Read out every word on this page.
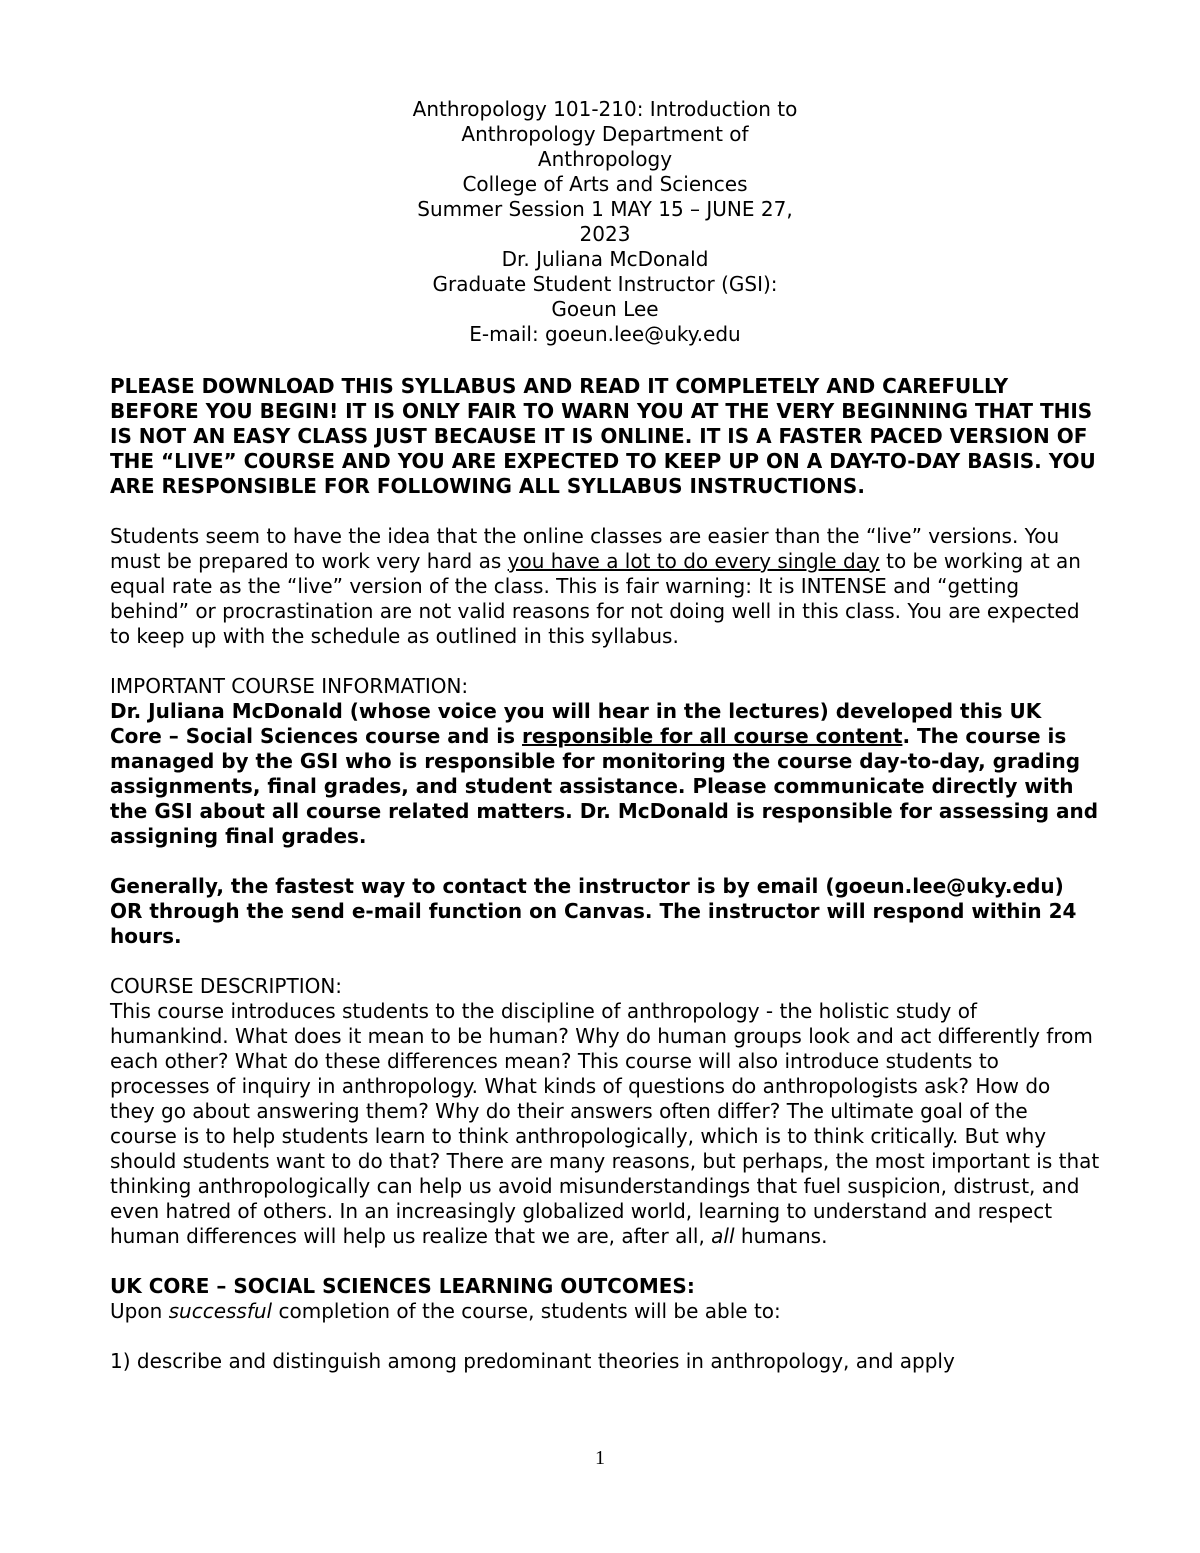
Anthropology 101-210: Introduction to
Anthropology Department of
Anthropology
College of Arts and Sciences
Summer Session 1 MAY 15 – JUNE 27,
2023
Dr. Juliana McDonald
Graduate Student Instructor (GSI):
Goeun Lee
E-mail: goeun.lee@uky.edu

PLEASE DOWNLOAD THIS SYLLABUS AND READ IT COMPLETELY AND CAREFULLY BEFORE YOU BEGIN! IT IS ONLY FAIR TO WARN YOU AT THE VERY BEGINNING THAT THIS IS NOT AN EASY CLASS JUST BECAUSE IT IS ONLINE. IT IS A FASTER PACED VERSION OF THE “LIVE” COURSE AND YOU ARE EXPECTED TO KEEP UP ON A DAY-TO-DAY BASIS. YOU ARE RESPONSIBLE FOR FOLLOWING ALL SYLLABUS INSTRUCTIONS.

Students seem to have the idea that the online classes are easier than the “live” versions. You must be prepared to work very hard as you have a lot to do every single day to be working at an equal rate as the “live” version of the class. This is fair warning: It is INTENSE and “getting behind” or procrastination are not valid reasons for not doing well in this class. You are expected to keep up with the schedule as outlined in this syllabus.

IMPORTANT COURSE INFORMATION:
Dr. Juliana McDonald (whose voice you will hear in the lectures) developed this UK Core – Social Sciences course and is responsible for all course content. The course is managed by the GSI who is responsible for monitoring the course day-to-day, grading assignments, final grades, and student assistance. Please communicate directly with the GSI about all course related matters. Dr. McDonald is responsible for assessing and assigning final grades.

Generally, the fastest way to contact the instructor is by email (goeun.lee@uky.edu) OR through the send e-mail function on Canvas. The instructor will respond within 24 hours.

COURSE DESCRIPTION:
This course introduces students to the discipline of anthropology - the holistic study of humankind. What does it mean to be human? Why do human groups look and act differently from each other? What do these differences mean? This course will also introduce students to processes of inquiry in anthropology. What kinds of questions do anthropologists ask? How do they go about answering them? Why do their answers often differ? The ultimate goal of the course is to help students learn to think anthropologically, which is to think critically. But why should students want to do that? There are many reasons, but perhaps, the most important is that thinking anthropologically can help us avoid misunderstandings that fuel suspicion, distrust, and even hatred of others. In an increasingly globalized world, learning to understand and respect human differences will help us realize that we are, after all, all humans.

UK CORE – SOCIAL SCIENCES LEARNING OUTCOMES:
Upon successful completion of the course, students will be able to:

1) describe and distinguish among predominant theories in anthropology, and apply

1
